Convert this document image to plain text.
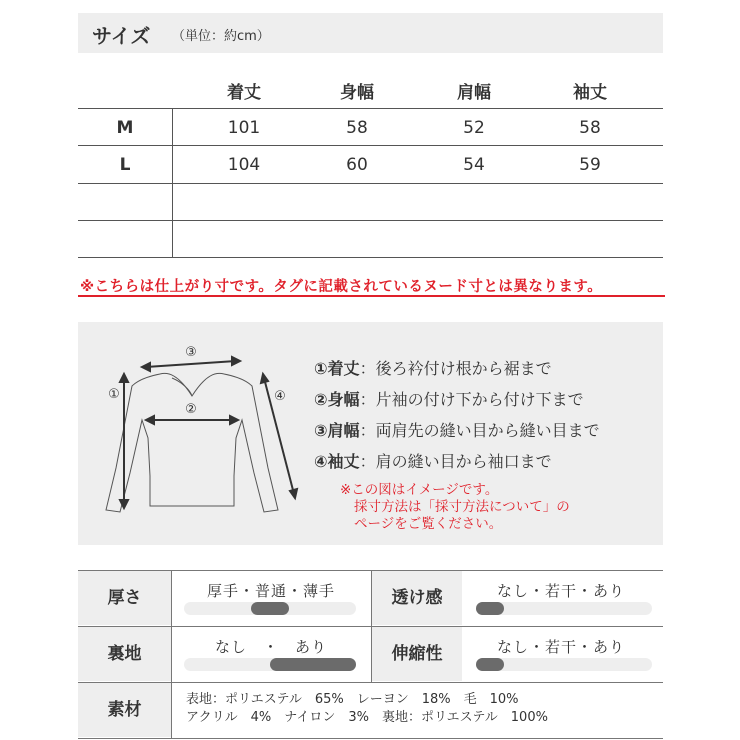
サイズ （単位：約cm）
着丈	身幅	肩幅	袖丈
M	101	58	52	58
L	104	60	54	59
※こちらは仕上がり寸です。タグに記載されているヌード寸とは異なります。
③
②
①	④
①着丈：後ろ衿付け根から裾まで
②身幅：片袖の付け下から付け下まで
③肩幅：両肩先の縫い目から縫い目まで
④袖丈：肩の縫い目から袖口まで
※この図はイメージです。
採寸方法は「採寸方法について」の
ページをご覧ください。
厚さ	厚手・普通・薄手	透け感	なし・若干・あり
裏地	なし　・　あり	伸縮性	なし・若干・あり
素材
表地：ポリエステル　65%　レーヨン　18%　毛　10%
アクリル　4%　ナイロン　3%　裏地：ポリエステル　100%
